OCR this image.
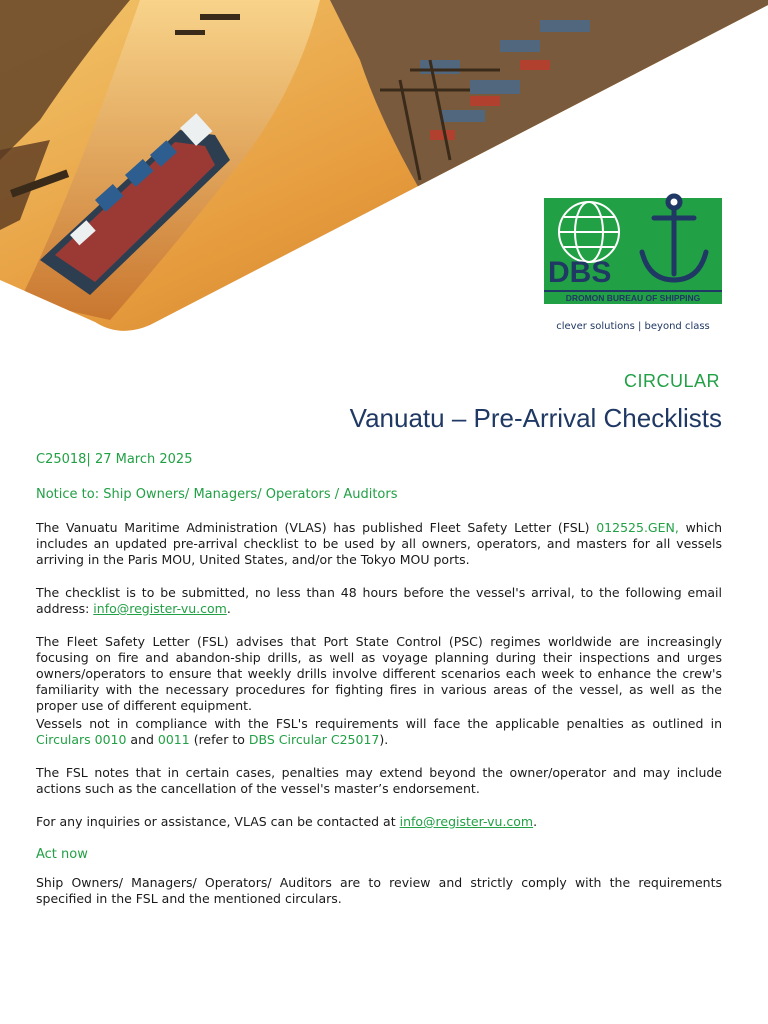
DBS
DROMON BUREAU OF SHIPPING
clever solutions | beyond class
CIRCULAR
Vanuatu – Pre-Arrival Checklists
C25018| 27 March 2025
Notice to: Ship Owners/ Managers/ Operators / Auditors
The Vanuatu Maritime Administration (VLAS) has published Fleet Safety Letter (FSL) 012525.GEN, which includes an updated pre-arrival checklist to be used by all owners, operators, and masters for all vessels arriving in the Paris MOU, United States, and/or the Tokyo MOU ports.
The checklist is to be submitted, no less than 48 hours before the vessel's arrival, to the following email address: info@register-vu.com.
The Fleet Safety Letter (FSL) advises that Port State Control (PSC) regimes worldwide are increasingly focusing on fire and abandon-ship drills, as well as voyage planning during their inspections and urges owners/operators to ensure that weekly drills involve different scenarios each week to enhance the crew's familiarity with the necessary procedures for fighting fires in various areas of the vessel, as well as the proper use of different equipment.
Vessels not in compliance with the FSL's requirements will face the applicable penalties as outlined in Circulars 0010 and 0011 (refer to DBS Circular C25017).
The FSL notes that in certain cases, penalties may extend beyond the owner/operator and may include actions such as the cancellation of the vessel's master’s endorsement.
For any inquiries or assistance, VLAS can be contacted at info@register-vu.com.
Act now
Ship Owners/ Managers/ Operators/ Auditors are to review and strictly comply with the requirements specified in the FSL and the mentioned circulars.
